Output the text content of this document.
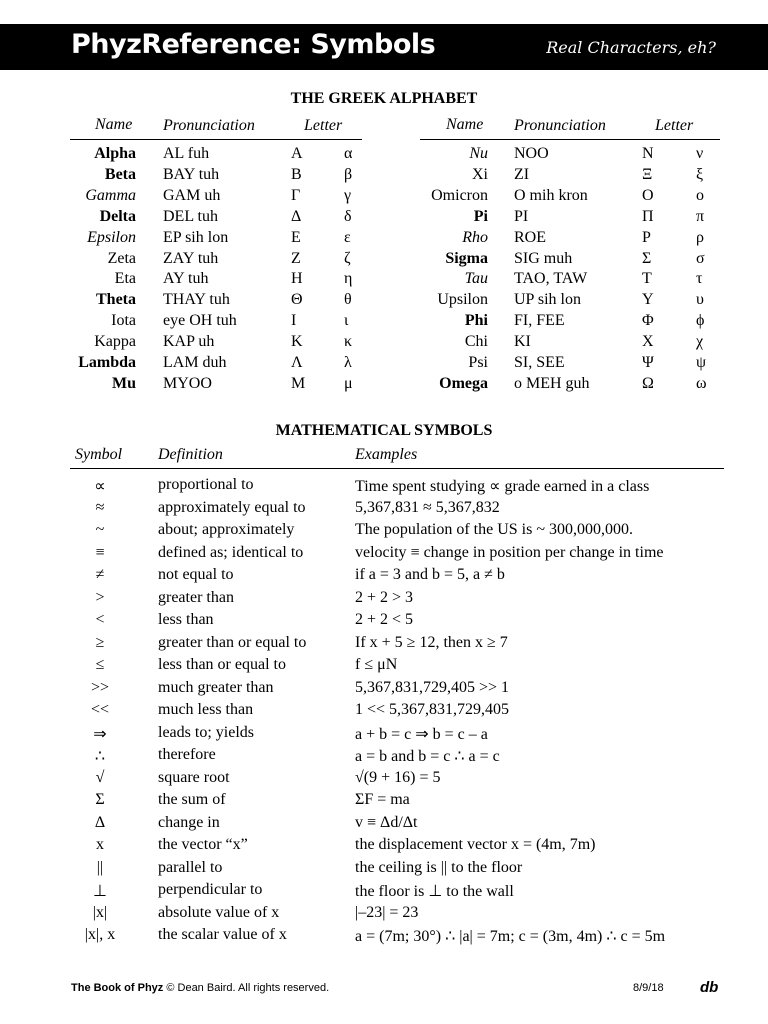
PhyzReference: Symbols	Real Characters, eh?
THE GREEK ALPHABET
Name Pronunciation	Letter	Name Pronunciation	Letter
Alpha AL fuh	Α	α
Beta BAY tuh	Β	β
Gamma GAM uh	Γ	γ
Delta DEL tuh	Δ	δ
Epsilon EP sih lon	Ε	ε
Zeta ZAY tuh	Ζ	ζ
Eta AY tuh	Η	η
Theta THAY tuh	Θ	θ
Iota eye OH tuh	Ι	ι
Kappa KAP uh	Κ	κ
Lambda LAM duh	Λ	λ
Mu MYOO	Μ μ
Nu NOO	Ν	ν
Xi ZI	Ξ	ξ
Omicron O mih kron	Ο	ο
Pi PI	Π	π
Rho ROE	Ρ	ρ
Sigma SIG muh	Σ	σ
Tau TAO, TAW	Τ	τ
Upsilon UP sih lon	Υ	υ
Phi FI, FEE	Φ	ϕ
Chi KI	Χ	χ
Psi SI, SEE	Ψ	ψ
Omega o MEH guh	Ω	ω
MATHEMATICAL SYMBOLS
Symbol Definition	Examples
∝	proportional to	Time spent studying ∝ grade earned in a class
≈	approximately equal to	5,367,831 ≈ 5,367,832
~	about; approximately	The population of the US is ~ 300,000,000.
≡	defined as; identical to	velocity ≡ change in position per change in time
≠	not equal to	if a = 3 and b = 5, a ≠ b
>	greater than	2 + 2 > 3
<	less than	2 + 2 < 5
≥	greater than or equal to	If x + 5 ≥ 12, then x ≥ 7
≤	less than or equal to	f ≤ μN
>>	much greater than	5,367,831,729,405 >> 1
<<	much less than	1 << 5,367,831,729,405
⇒	leads to; yields	a + b = c ⇒ b = c – a
∴	therefore	a = b and b = c ∴ a = c
√	square root	√(9 + 16) = 5
Σ	the sum of	ΣF = ma
Δ	change in	v ≡ Δd/Δt
x	the vector “x”	the displacement vector x = (4m, 7m)
||	parallel to	the ceiling is || to the floor
⊥	perpendicular to	the floor is ⊥ to the wall
|x|	absolute value of x	|–23| = 23
|x|, x	the scalar value of x	a = (7m; 30°) ∴ |a| = 7m; c = (3m, 4m) ∴ c = 5m
The Book of Phyz © Dean Baird. All rights reserved.	8/9/18 db
